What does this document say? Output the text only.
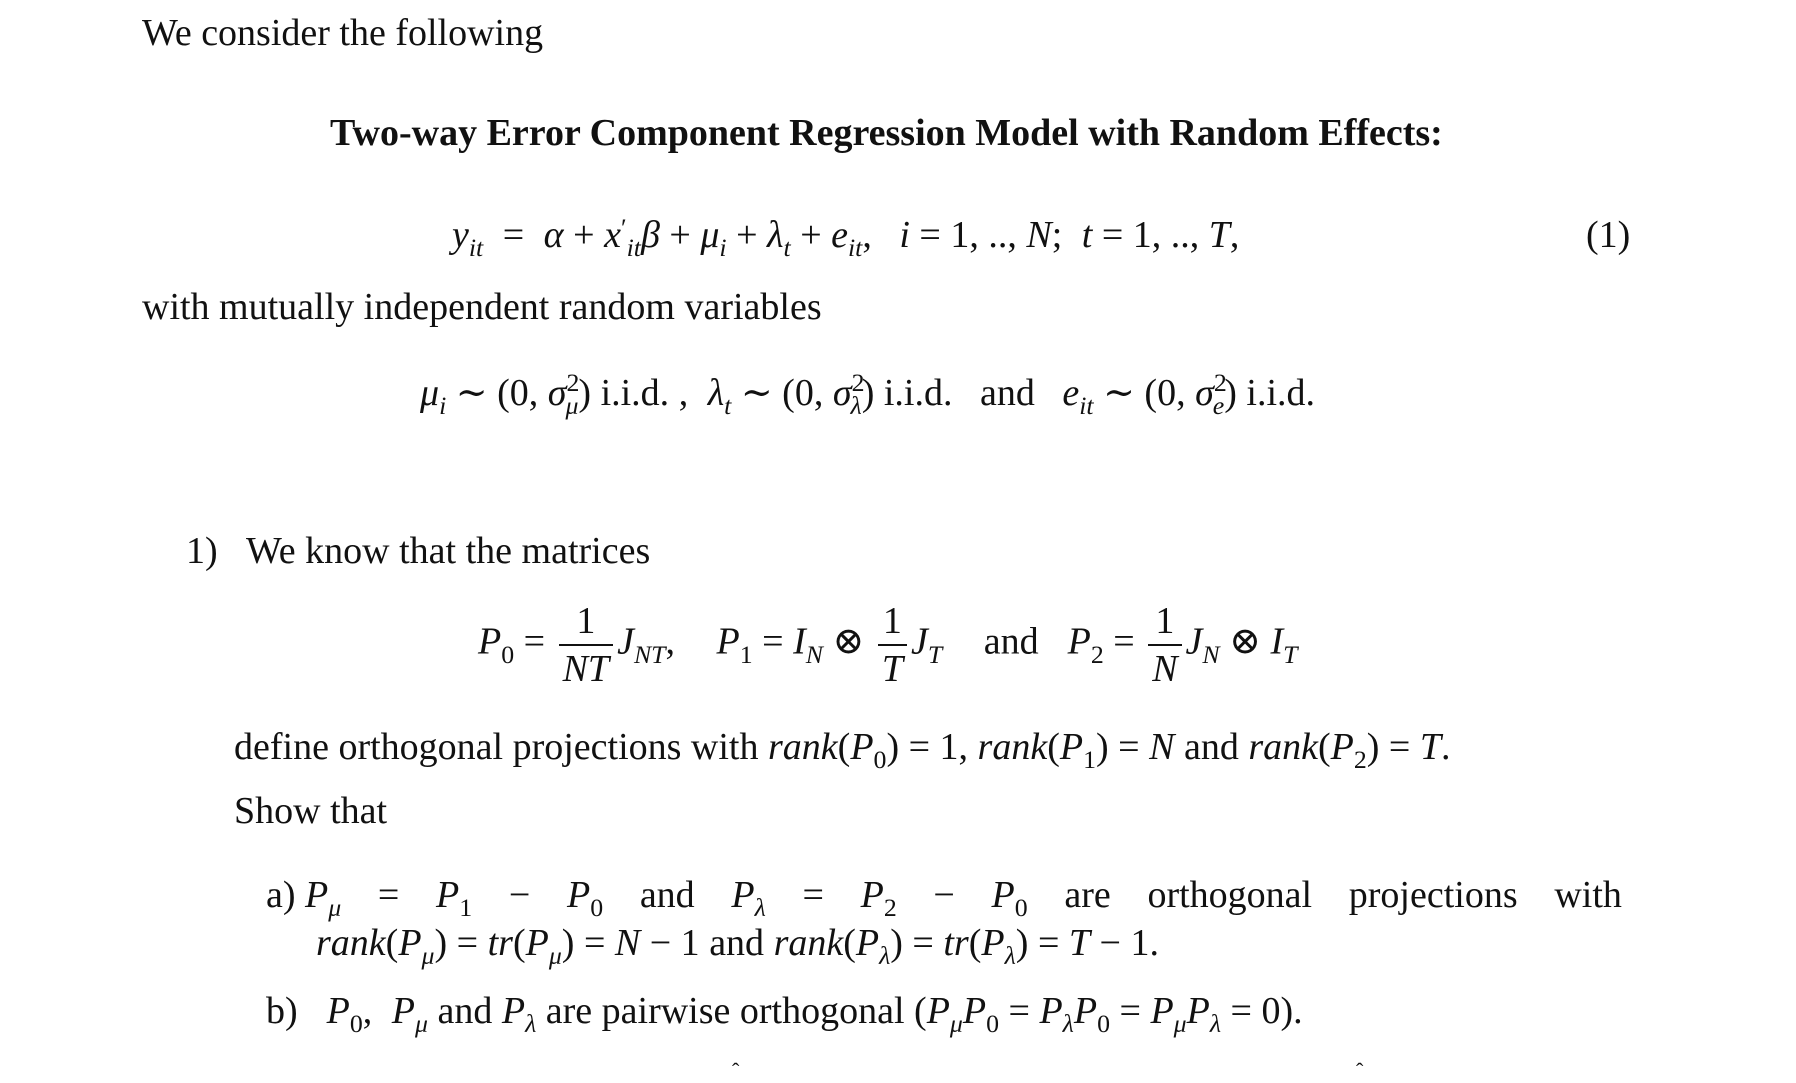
We consider the following
Two-way Error Component Regression Model with Random Effects:
$y_{it} = \alpha + x'_{it}\beta + \mu_i + \lambda_t + e_{it}$, i = 1, .., N; t = 1, .., T,	(1)
with mutually independent random variables
$\mu_i$ ∼ (0, $\sigma^2_\mu$) i.i.d. , $\lambda_t$ ∼ (0, $\sigma^2_\lambda$) i.i.d. and $e_{it}$ ∼ (0, $\sigma^2_e$) i.i.d.
1) We know that the matrices
$P_0 = \frac{1}{NT} J_{NT}$, $P_1 = I_N$ ⊗ $\frac{1}{T} J_T$ and $P_2 = \frac{1}{N} J_N$ ⊗ $I_T$
define orthogonal projections with $rank(P_0) = 1$, $rank(P_1) = N$ and $rank(P_2) = T$.
Show that
a) $P_\mu = P_1 - P_0$ and $P_\lambda = P_2 - P_0$ are orthogonal projections with
$rank(P_\mu) = tr(P_\mu) = N - 1$ and $rank(P_\lambda) = tr(P_\lambda) = T - 1$.
b) $P_0$, $P_\mu$ and $P_\lambda$ are pairwise orthogonal $(P_\mu P_0 = P_\lambda P_0 = P_\mu P_\lambda = 0)$.
ˆ	ˆ
